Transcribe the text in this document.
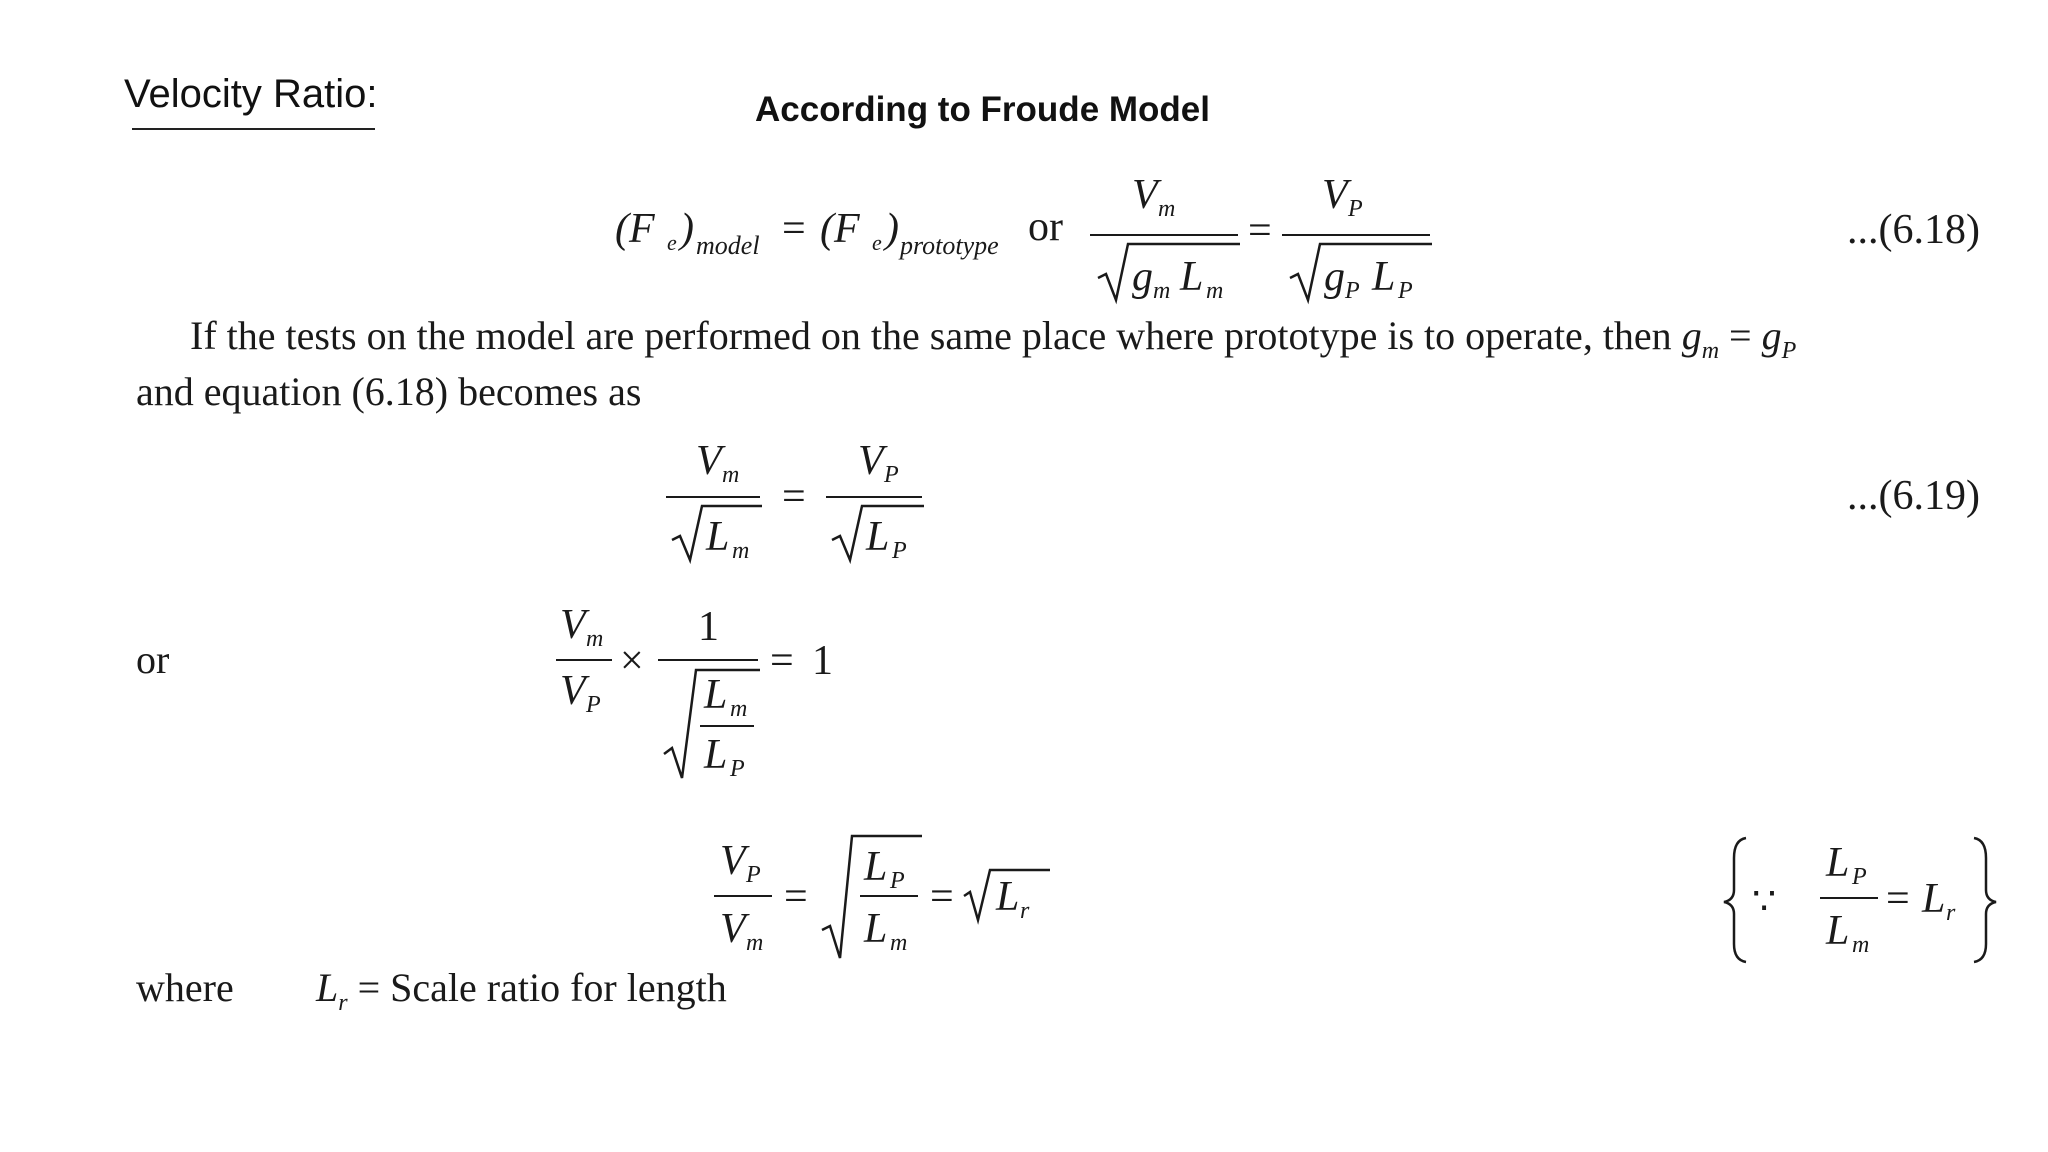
Velocity Ratio:	According to Froude Model
(F e ) model = (F e ) prototype or
V m
g m L m
=
V P
g P L P
...(6.18)
If the tests on the model are performed on the same place where prototype is to operate, then $g_m = g_P$
and equation (6.18) becomes as
V m
L m
=
V P
L P
...(6.19)
or
V m
V P
×
1
L m
L P
= 1
V P
V m
=
L P
L m
= L r	∵
L P
L m
= L r
where $L_r$ = Scale ratio for length
